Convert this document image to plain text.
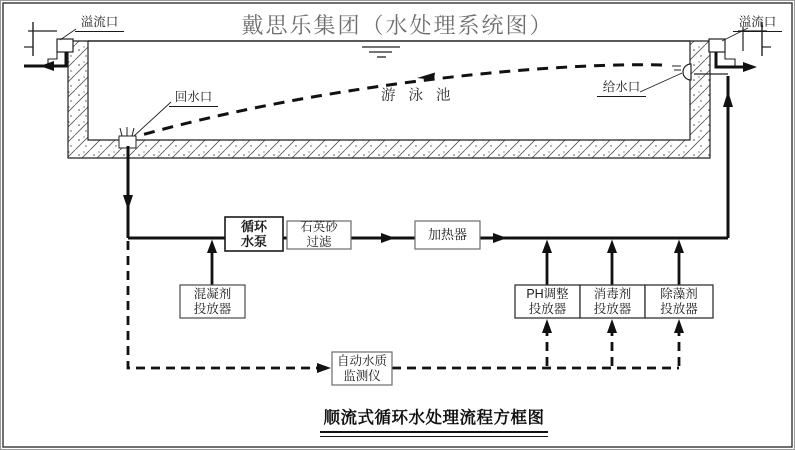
戴思乐集团（水处理系统图）
溢流口	溢流口
回水口
给水口
游泳池
循环
水泵
石英砂
过滤	加热器
混凝剂
投放器
PH调整
投放器
消毒剂
投放器
除藻剂
投放器
自动水质
监测仪
顺流式循环水处理流程方框图
